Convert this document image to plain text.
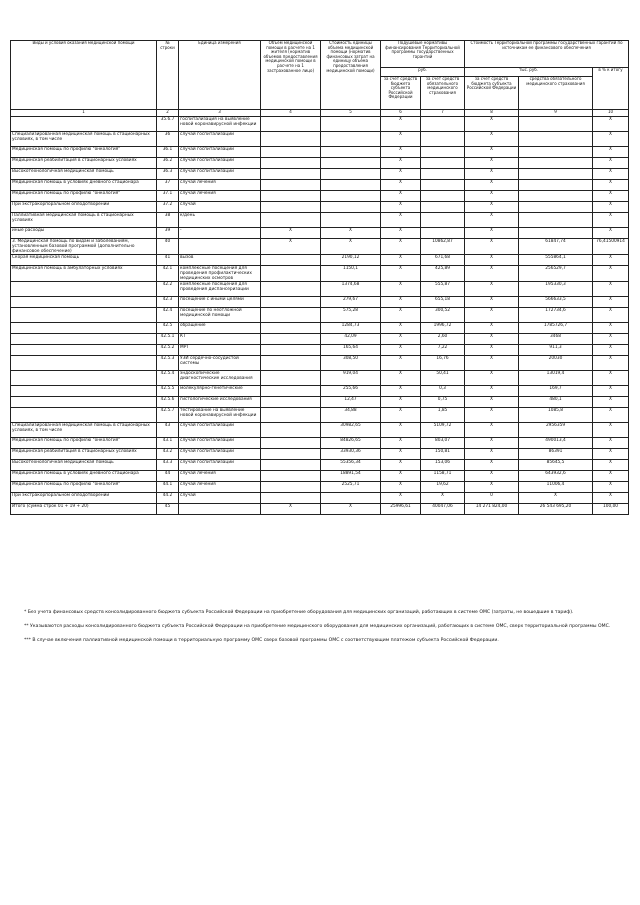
Виды и условия оказания медицинской помощи	№ строки	Единица измерения	Объем медицинской помощи в расчете на 1 жителя (норматив объемов предоставления медицинской помощи в расчете на 1 застрахованное лицо)	Стоимость единицы объема медицинской помощи (норматив финансовых затрат на единицу объема предоставления медицинской помощи)	Подушевые нормативы финансирования Территориальной программы государственных гарантий		Стоимость Территориальной программы государственных гарантий по источникам ее финансового обеспечения		
					руб.		тыс. руб.		в % к итогу
					за счет средств бюджета субъекта Российской Федерации	за счет средств обязательного медицинского страхования	за счет средств бюджета субъекта Российской Федерации	средства обязательного медицинского страхования	
1	2	3	4	5	6	7	8	9	10
	35.6.7	госпитализация на выявление новой коронавирусной инфекции			X		X		X
Специализированная медицинская помощь в стационарных условиях, в том числе	36	случай госпитализации			X		X		X
Медицинская помощь по профилю "онкология"	36.1	случай госпитализации			X		X		X
Медицинская реабилитация в стационарных условиях	36.2	случай госпитализации			X		X		X
Высокотехнологичная медицинская помощь	36.3	случай госпитализации			X		X		X
Медицинская помощь в условиях дневного стационара	37	случай лечения			X		X		X
Медицинская помощь по профилю "онкология"	37.1	случай лечения			X		X		X
При экстракорпоральном оплодотворении	37.2	случай			X		X		X
Паллиативная медицинская помощь в стационарных условиях	38	к/день			X		X		X
иные расходы	39	-	X	X	X		X		X
3. Медицинская помощь по видам и заболеваниям, установленным базовой программой (дополнительно финансовое обеспечение)	40		X	X	X	10862,87	X	61847,74	76,41500914
Скорая медицинская помощь	41	вызов		2190,12	X	671,68	X	555864,1	X
Медицинская помощь в амбулаторных условиях	42.1	комплексные посещения для проведения профилактических медицинских осмотров		1150,1	X	425,89	X	256529,7	X
	42.2	комплексные посещения для проведения диспансеризации		1374,68	X	555,87	X	195330,3	X
	42.3	посещение с иными целями		279,67	X	655,18	X	566633,5	X
	42.4	посещение по неотложной медицинской помощи		575,28	X	300,52	X	172734,6	X
	42.5	обращение		1284,73	X	1996,72	X	1785726,7	X
	42.5.1	КТ		42,09	X	2,60	X	3468	X
	42.5.2	МРТ		165,64	X	7,22	X	911,3	X
	42.5.3	УЗИ сердечно-сосудистой системы		308,50	X	16,76	X	20030	X
	42.5.4	эндоскопические диагностические исследования		919,04	X	50,41	X	13019,4	X
	42.5.5	молекулярно-генетические		255,66	X	0,3	X	169,7	X
	42.5.6	гистологические исследования		12,47	X	0,75	X	480,1	X
	42.5.7	тестирование на выявление новой коронавирусной инфекции		34,88	X	1,85	X	1085,8	X
Специализированная медицинская помощь в стационарных условиях, в том числе	43	случай госпитализации		30982,65	X	5109,72	X	2956359	X
Медицинская помощь по профилю "онкология"	43.1	случай госпитализации		84826,65	X	803,07	X	490013,4	X
Медицинская реабилитация в стационарных условиях	43.2	случай госпитализации		33930,36	X	150,81	X	86391	X
Высокотехнологичная медицинская помощь	43.3	случай госпитализации		55356,34	X	153,06	X	85645,5	X
Медицинская помощь в условиях дневного стационара	44	случай лечения		18891,54	X	1158,71	X	643932,6	X
Медицинская помощь по профилю "онкология"	44.1	случай лечения		2525,71	X	19,62	X	11006,4	X
При экстракорпоральном оплодотворении	44.2	случай			X	X	0	X	X
Итого (сумма строк 01 + 19 + 20)	45		X	X	25996,61	40047,06	14 271 824,00	26 543 695,20	100,00

* Без учета финансовых средств консолидированного бюджета субъекта Российской Федерации на приобретение оборудования для медицинских организаций, работающих в системе ОМС (затраты, не вошедшие в тариф).

** Указываются расходы консолидированного бюджета субъекта Российской Федерации на приобретение медицинского оборудования для медицинских организаций, работающих в системе ОМС, сверх территориальной программы ОМС.

*** В случае включения паллиативной медицинской помощи в территориальную программу ОМС сверх базовой программы ОМС с соответствующим платежом субъекта Российской Федерации.
